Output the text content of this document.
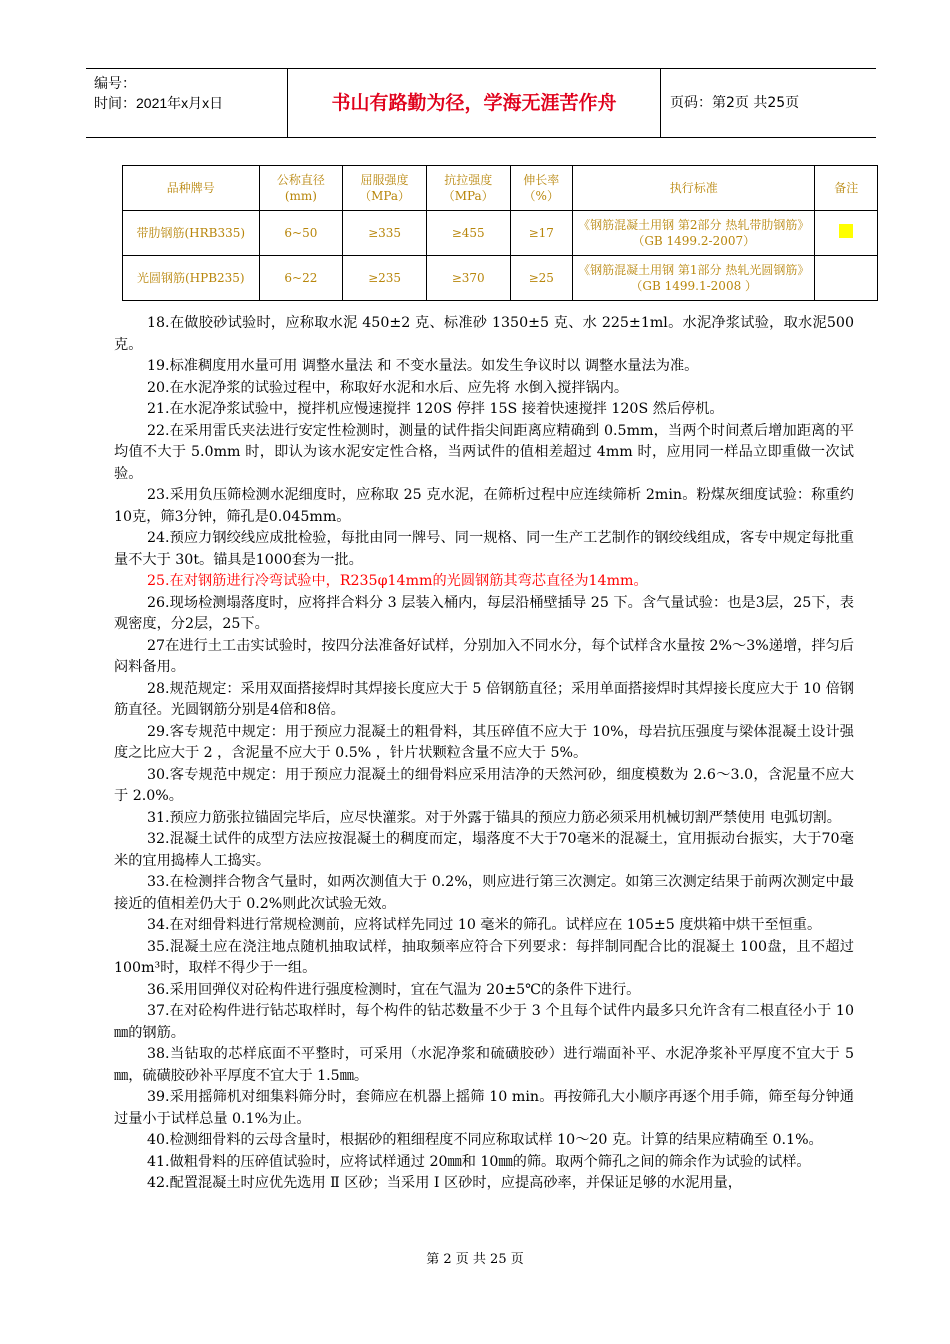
编号：
时间：2021年x月x日	书山有路勤为径，学海无涯苦作舟	页码：第2页 共25页
品种牌号	公称直径(mm)	屈服强度（MPa）	抗拉强度（MPa）	伸长率（%）	执行标准	备注
带肋钢筋(HRB335)	6~50	≥335	≥455	≥17	《钢筋混凝土用钢 第2部分 热轧带肋钢筋》（GB 1499.2-2007）	
光圆钢筋(HPB235)	6~22	≥235	≥370	≥25	《钢筋混凝土用钢 第1部分 热轧光圆钢筋》（GB 1499.1-2008 ）	

18.在做胶砂试验时，应称取水泥 450±2 克、标准砂 1350±5 克、水 225±1ml。水泥净浆试验，取水泥500克。

19.标准稠度用水量可用 调整水量法 和 不变水量法。如发生争议时以 调整水量法为准。

20.在水泥净浆的试验过程中，称取好水泥和水后、应先将 水倒入搅拌锅内。

21.在水泥净浆试验中，搅拌机应慢速搅拌 120S 停拌 15S 接着快速搅拌 120S 然后停机。

22.在采用雷氏夹法进行安定性检测时，测量的试件指尖间距离应精确到 0.5mm，当两个时间煮后增加距离的平均值不大于 5.0mm 时，即认为该水泥安定性合格，当两试件的值相差超过 4mm 时，应用同一样品立即重做一次试验。

23.采用负压筛检测水泥细度时，应称取 25 克水泥，在筛析过程中应连续筛析 2min。粉煤灰细度试验：称重约10克，筛3分钟，筛孔是0.045mm。

24.预应力钢绞线应成批检验，每批由同一牌号、同一规格、同一生产工艺制作的钢绞线组成，客专中规定每批重量不大于 30t。锚具是1000套为一批。

25.在对钢筋进行冷弯试验中，R235φ14mm的光圆钢筋其弯芯直径为14mm。

26.现场检测塌落度时，应将拌合料分 3 层装入桶内，每层沿桶壁插导 25 下。含气量试验：也是3层，25下，表观密度，分2层，25下。

27在进行土工击实试验时，按四分法准备好试样，分别加入不同水分，每个试样含水量按 2%～3%递增，拌匀后闷料备用。

28.规范规定：采用双面搭接焊时其焊接长度应大于 5 倍钢筋直径；采用单面搭接焊时其焊接长度应大于 10 倍钢筋直径。光圆钢筋分别是4倍和8倍。

29.客专规范中规定：用于预应力混凝土的粗骨料，其压碎值不应大于 10%，母岩抗压强度与梁体混凝土设计强度之比应大于 2 ，含泥量不应大于 0.5% ，针片状颗粒含量不应大于 5%。

30.客专规范中规定：用于预应力混凝土的细骨料应采用洁净的天然河砂，细度模数为 2.6～3.0，含泥量不应大于 2.0%。

31.预应力筋张拉锚固完毕后，应尽快灌浆。对于外露于锚具的预应力筋必须采用机械切割严禁使用 电弧切割。

32.混凝土试件的成型方法应按混凝土的稠度而定，塌落度不大于70毫米的混凝土，宜用振动台振实，大于70毫米的宜用捣棒人工捣实。

33.在检测拌合物含气量时，如两次测值大于 0.2%，则应进行第三次测定。如第三次测定结果于前两次测定中最接近的值相差仍大于 0.2%则此次试验无效。

34.在对细骨料进行常规检测前，应将试样先同过 10 毫米的筛孔。试样应在 105±5 度烘箱中烘干至恒重。

35.混凝土应在浇注地点随机抽取试样，抽取频率应符合下列要求：每拌制同配合比的混凝土 100盘，且不超过 100m³时，取样不得少于一组。

36.采用回弹仪对砼构件进行强度检测时，宜在气温为 20±5℃的条件下进行。

37.在对砼构件进行钻芯取样时，每个构件的钻芯数量不少于 3 个且每个试件内最多只允许含有二根直径小于 10㎜的钢筋。

38.当钻取的芯样底面不平整时，可采用（水泥净浆和硫磺胶砂）进行端面补平、水泥净浆补平厚度不宜大于 5㎜，硫磺胶砂补平厚度不宜大于 1.5㎜。

39.采用摇筛机对细集料筛分时，套筛应在机器上摇筛 10 min。再按筛孔大小顺序再逐个用手筛，筛至每分钟通过量小于试样总量 0.1%为止。

40.检测细骨料的云母含量时，根据砂的粗细程度不同应称取试样 10～20 克。计算的结果应精确至 0.1%。

41.做粗骨料的压碎值试验时，应将试样通过 20㎜和 10㎜的筛。取两个筛孔之间的筛余作为试验的试样。

42.配置混凝土时应优先选用 Ⅱ 区砂；当采用 Ⅰ 区砂时，应提高砂率，并保证足够的水泥用量，

第 2 页 共 25 页
